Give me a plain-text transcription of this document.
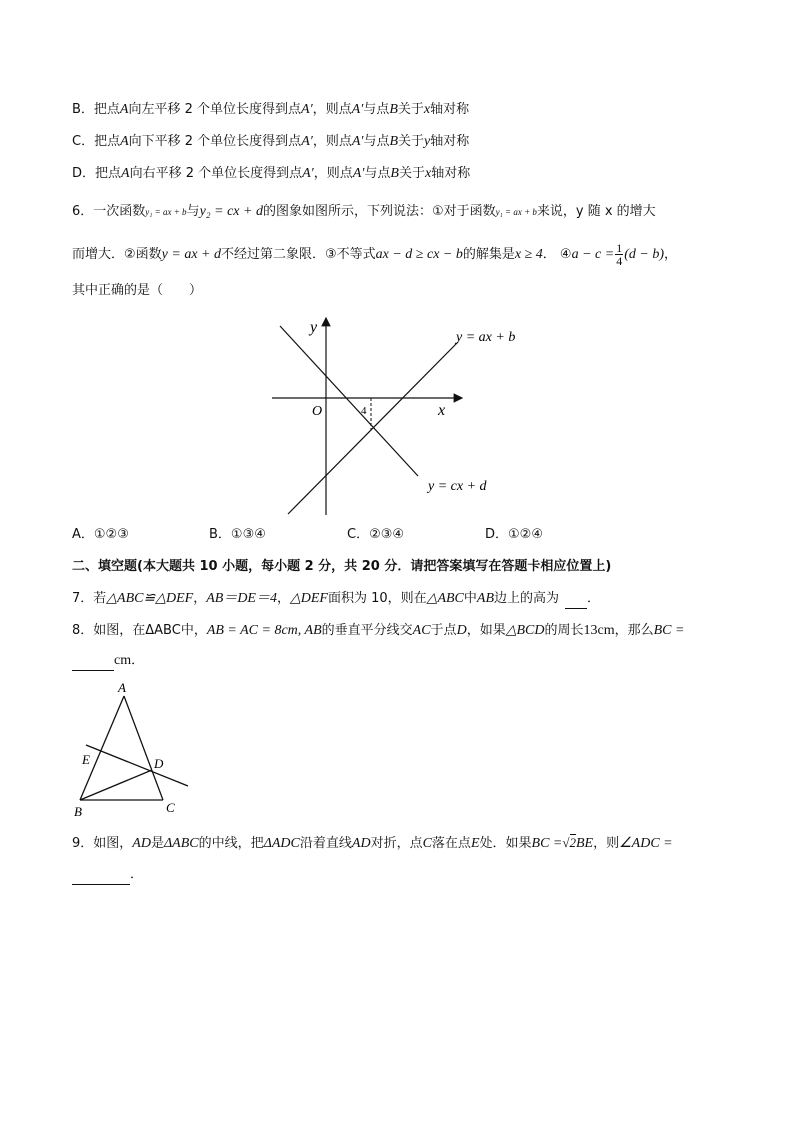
B．把点A向左平移 2 个单位长度得到点A′，则点A′与点B关于x轴对称
C．把点A向下平移 2 个单位长度得到点A′，则点A′与点B关于y轴对称
D．把点A向右平移 2 个单位长度得到点A′，则点A′与点B关于x轴对称
6．一次函数y₁ = ax + b与y₂ = cx + d的图象如图所示，下列说法：①对于函数y₁ = ax + b来说，y 随 x 的增大
而增大．②函数y = ax + d不经过第二象限．③不等式ax − d ≥ cx − b的解集是x ≥ 4． ④a − $c = \frac{1}{4} (d - b)$，
其中正确的是（　　）
y
x
O	4
y = ax + b
y = cx + d
A．①②③	B．①③④	C．②③④	D．①②④
二、填空题(本大题共 10 小题，每小题 2 分，共 20 分．请把答案填写在答题卡相应位置上)
7．若△ABC≌△DEF，AB＝DE＝4，△DEF面积为 10，则在△ABC中AB边上的高为 ．
8．如图，在ΔABC中，AB = AC = 8cm, AB的垂直平分线交AC于点D，如果△BCD的周长13cm，那么BC =
cm．
A
B	C
D
E
9．如图，AD是ΔABC的中线，把ΔADC沿着直线AD对折，点C落在点E处．如果BC =√2BE，则∠ADC =
．
